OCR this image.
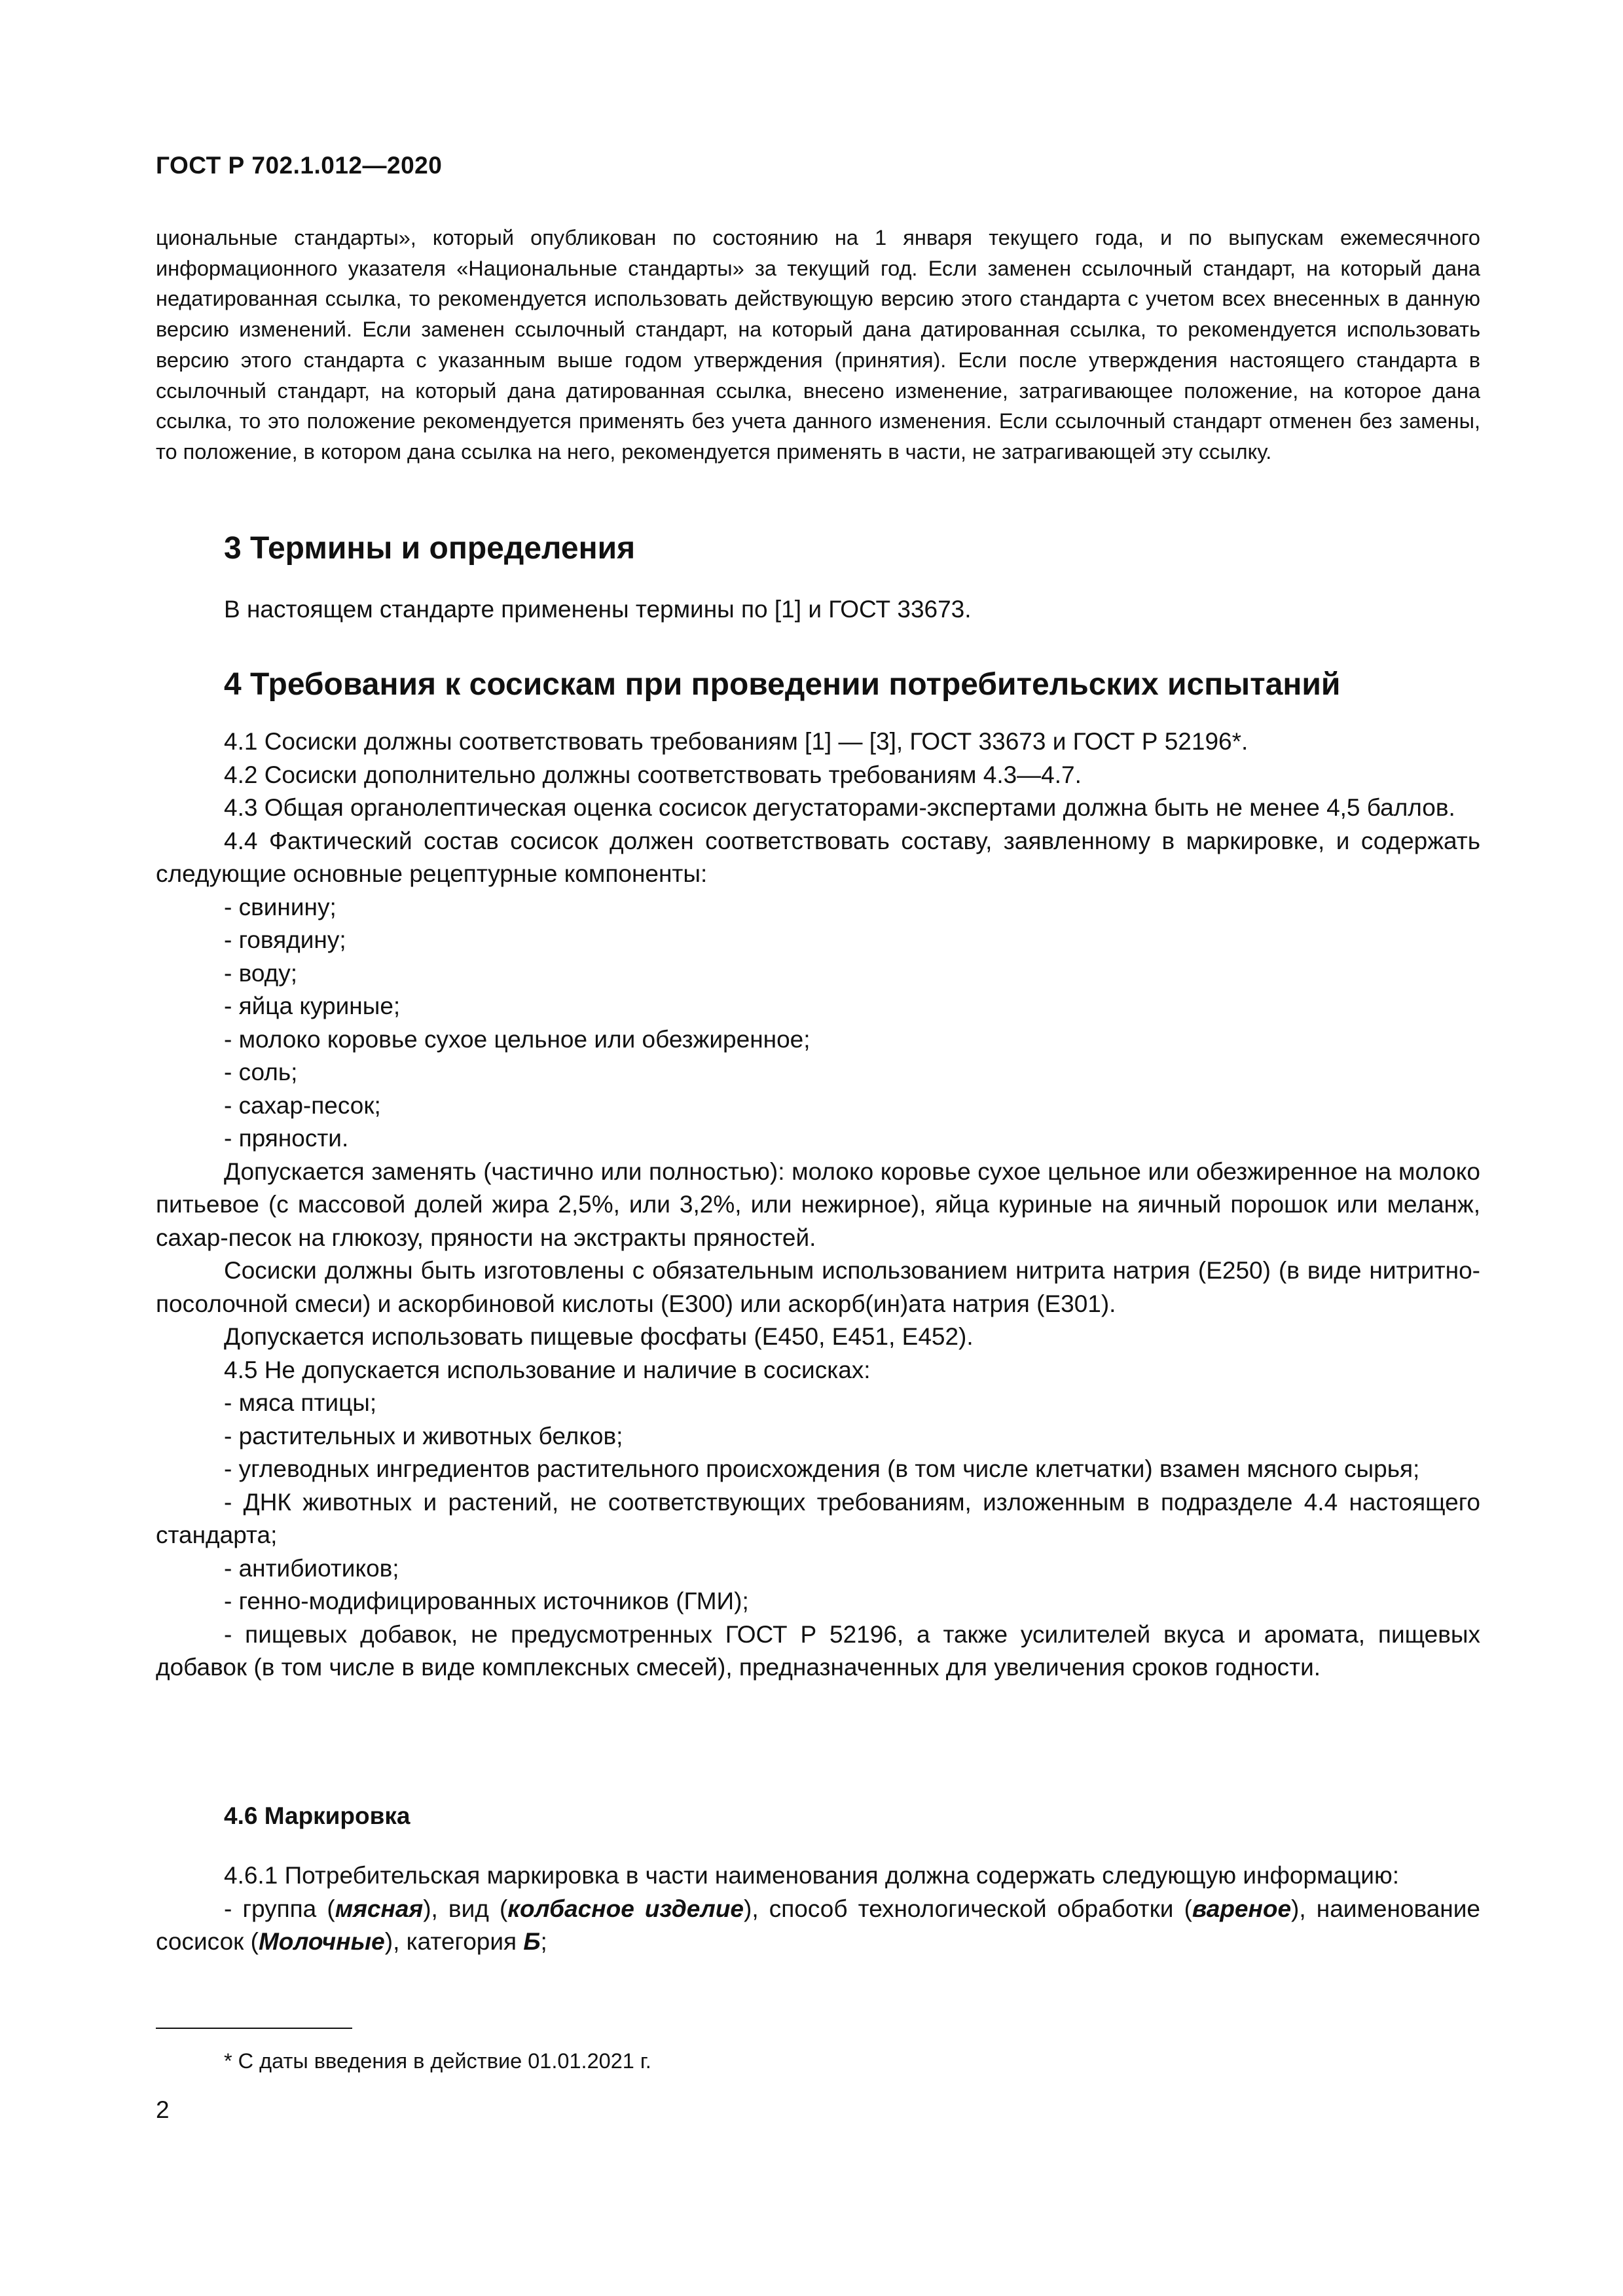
ГОСТ Р 702.1.012—2020

циональные стандарты», который опубликован по состоянию на 1 января текущего года, и по выпускам ежемесячного информационного указателя «Национальные стандарты» за текущий год. Если заменен ссылочный стандарт, на который дана недатированная ссылка, то рекомендуется использовать действующую версию этого стандарта с учетом всех внесенных в данную версию изменений. Если заменен ссылочный стандарт, на который дана датированная ссылка, то рекомендуется использовать версию этого стандарта с указанным выше годом утверждения (принятия). Если после утверждения настоящего стандарта в ссылочный стандарт, на который дана датированная ссылка, внесено изменение, затрагивающее положение, на которое дана ссылка, то это положение рекомендуется применять без учета данного изменения. Если ссылочный стандарт отменен без замены, то положение, в котором дана ссылка на него, рекомендуется применять в части, не затрагивающей эту ссылку.

3 Термины и определения
В настоящем стандарте применены термины по [1] и ГОСТ 33673.
4 Требования к сосискам при проведении потребительских испытаний

4.1 Сосиски должны соответствовать требованиям [1] — [3], ГОСТ 33673 и ГОСТ Р 52196*.

4.2 Сосиски дополнительно должны соответствовать требованиям 4.3—4.7.

4.3 Общая органолептическая оценка сосисок дегустаторами-экспертами должна быть не менее 4,5 баллов.

4.4 Фактический состав сосисок должен соответствовать составу, заявленному в маркировке, и содержать следующие основные рецептурные компоненты:

- свинину;

- говядину;

- воду;

- яйца куриные;

- молоко коровье сухое цельное или обезжиренное;

- соль;

- сахар-песок;

- пряности.

Допускается заменять (частично или полностью): молоко коровье сухое цельное или обезжиренное на молоко питьевое (с массовой долей жира 2,5%, или 3,2%, или нежирное), яйца куриные на яичный порошок или меланж, сахар-песок на глюкозу, пряности на экстракты пряностей.

Сосиски должны быть изготовлены с обязательным использованием нитрита натрия (E250) (в виде нитритно-посолочной смеси) и аскорбиновой кислоты (E300) или аскорб(ин)ата натрия (E301).

Допускается использовать пищевые фосфаты (E450, E451, E452).

4.5 Не допускается использование и наличие в сосисках:

- мяса птицы;

- растительных и животных белков;

- углеводных ингредиентов растительного происхождения (в том числе клетчатки) взамен мясного сырья;

- ДНК животных и растений, не соответствующих требованиям, изложенным в подразделе 4.4 настоящего стандарта;

- антибиотиков;

- генно-модифицированных источников (ГМИ);

- пищевых добавок, не предусмотренных ГОСТ Р 52196, а также усилителей вкуса и аромата, пищевых добавок (в том числе в виде комплексных смесей), предназначенных для увеличения сроков годности.

4.6 Маркировка

4.6.1 Потребительская маркировка в части наименования должна содержать следующую информацию:

- группа (мясная), вид (колбасное изделие), способ технологической обработки (вареное), наименование сосисок (Молочные), категория Б;

* С даты введения в действие 01.01.2021 г.
2
